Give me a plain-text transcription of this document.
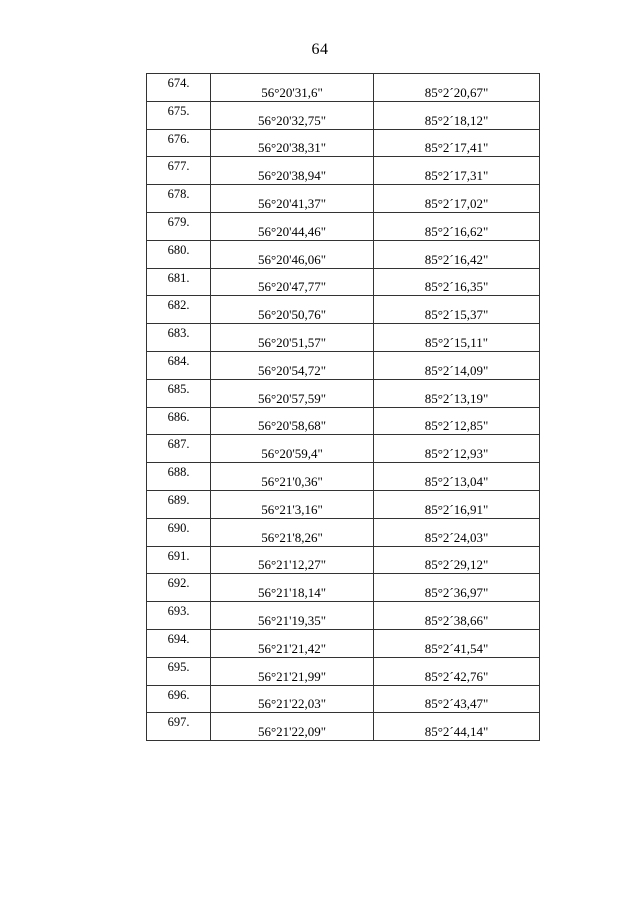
64
674.	56°20'31,6"	85°2´20,67"
675.	56°20'32,75"	85°2´18,12"
676.	56°20'38,31"	85°2´17,41"
677.	56°20'38,94"	85°2´17,31"
678.	56°20'41,37"	85°2´17,02"
679.	56°20'44,46"	85°2´16,62"
680.	56°20'46,06"	85°2´16,42"
681.	56°20'47,77"	85°2´16,35"
682.	56°20'50,76"	85°2´15,37"
683.	56°20'51,57"	85°2´15,11"
684.	56°20'54,72"	85°2´14,09"
685.	56°20'57,59"	85°2´13,19"
686.	56°20'58,68"	85°2´12,85"
687.	56°20'59,4"	85°2´12,93"
688.	56°21'0,36"	85°2´13,04"
689.	56°21'3,16"	85°2´16,91"
690.	56°21'8,26"	85°2´24,03"
691.	56°21'12,27"	85°2´29,12"
692.	56°21'18,14"	85°2´36,97"
693.	56°21'19,35"	85°2´38,66"
694.	56°21'21,42"	85°2´41,54"
695.	56°21'21,99"	85°2´42,76"
696.	56°21'22,03"	85°2´43,47"
697.	56°21'22,09"	85°2´44,14"
